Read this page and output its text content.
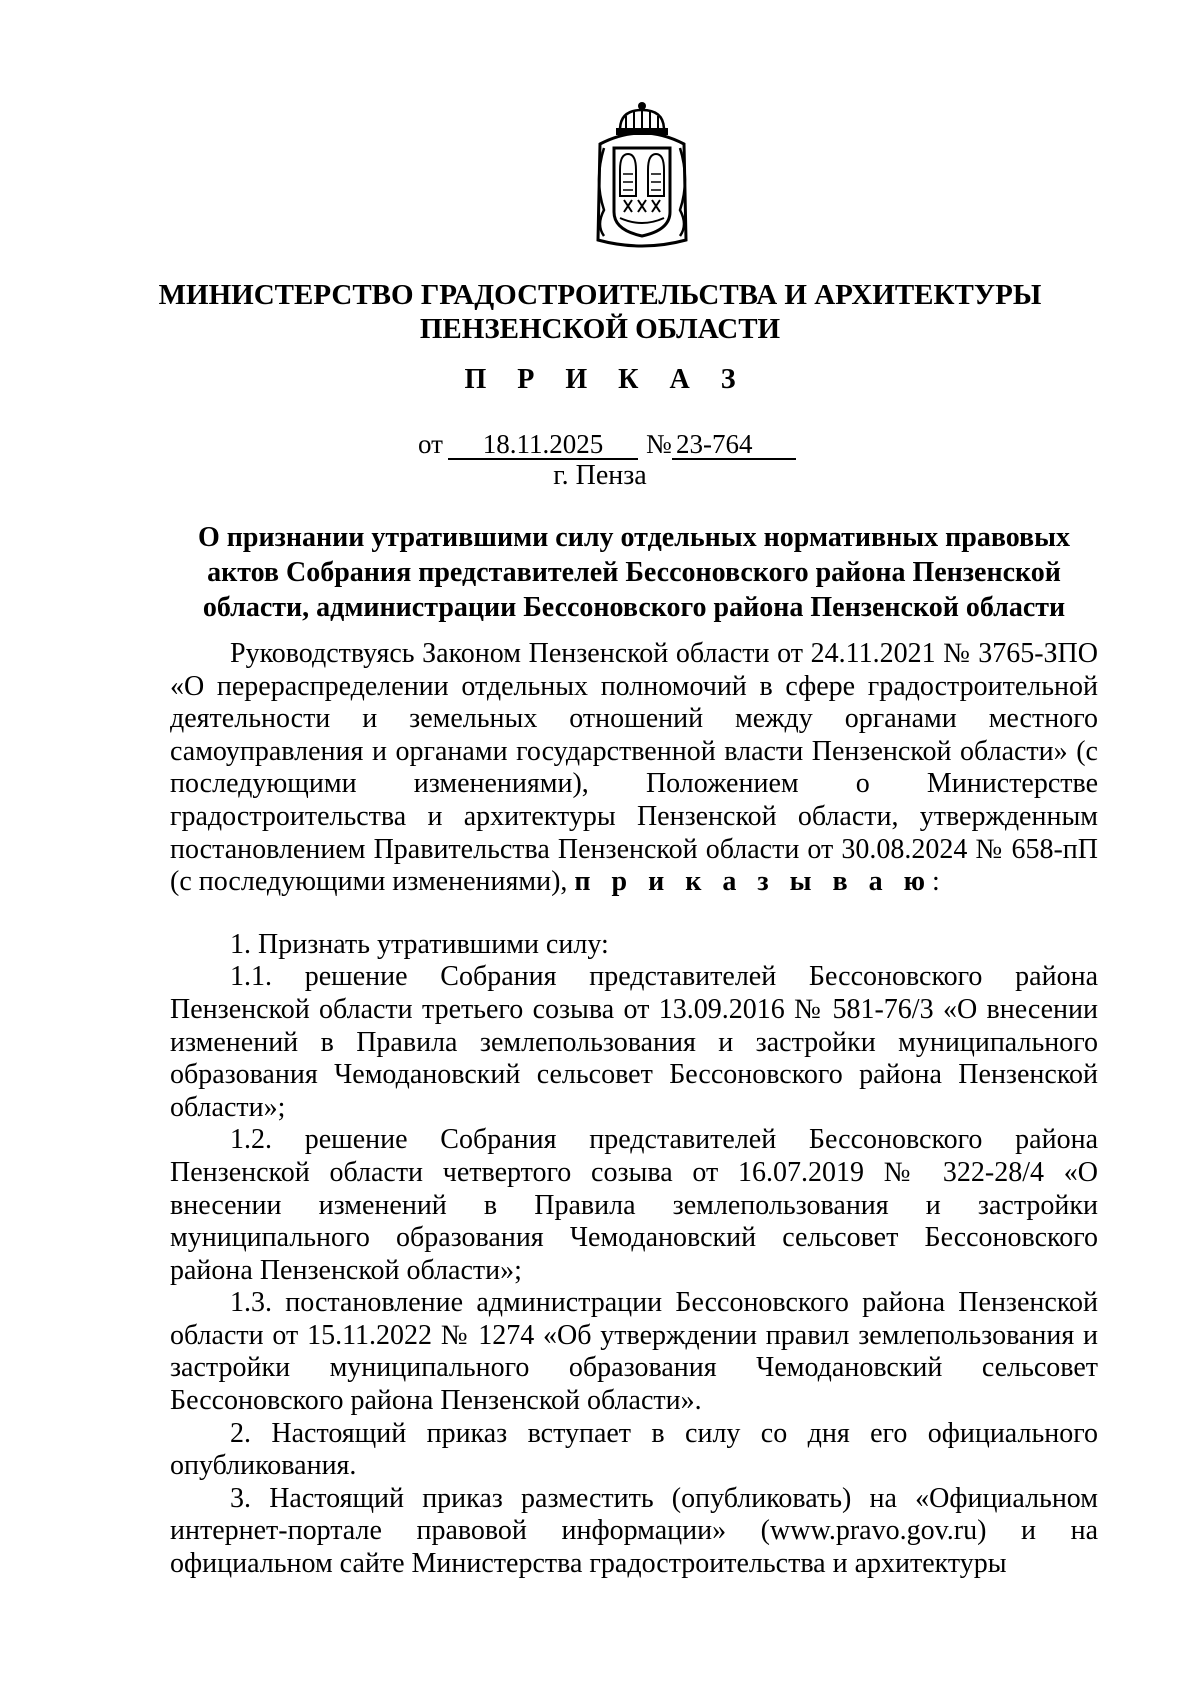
МИНИСТЕРСТВО ГРАДОСТРОИТЕЛЬСТВА И АРХИТЕКТУРЫ
ПЕНЗЕНСКОЙ ОБЛАСТИ
П Р И К А З
от	18.11.2025	№ 23-764
г. Пенза
О признании утратившими силу отдельных нормативных правовых актов Собрания представителей Бессоновского района Пензенской области, администрации Бессоновского района Пензенской области

Руководствуясь Законом Пензенской области от 24.11.2021 № 3765-ЗПО «О перераспределении отдельных полномочий в сфере градостроительной деятельности и земельных отношений между органами местного самоуправления и органами государственной власти Пензенской области» (с последующими изменениями), Положением о Министерстве градостроительства и архитектуры Пензенской области, утвержденным постановлением Правительства Пензенской области от 30.08.2024 № 658-пП (с последующими изменениями), п р и к а з ы в а ю:

1. Признать утратившими силу:

1.1. решение Собрания представителей Бессоновского района Пензенской области третьего созыва от 13.09.2016 № 581-76/3 «О внесении изменений в Правила землепользования и застройки муниципального образования Чемодановский сельсовет Бессоновского района Пензенской области»;

1.2. решение Собрания представителей Бессоновского района Пензенской области четвертого созыва от 16.07.2019 № 322-28/4 «О внесении изменений в Правила землепользования и застройки муниципального образования Чемодановский сельсовет Бессоновского района Пензенской области»;

1.3. постановление администрации Бессоновского района Пензенской области от 15.11.2022 № 1274 «Об утверждении правил землепользования и застройки муниципального образования Чемодановский сельсовет Бессоновского района Пензенской области».

2. Настоящий приказ вступает в силу со дня его официального опубликования.

3. Настоящий приказ разместить (опубликовать) на «Официальном интернет-портале правовой информации» (www.pravo.gov.ru) и на официальном сайте Министерства градостроительства и архитектуры
